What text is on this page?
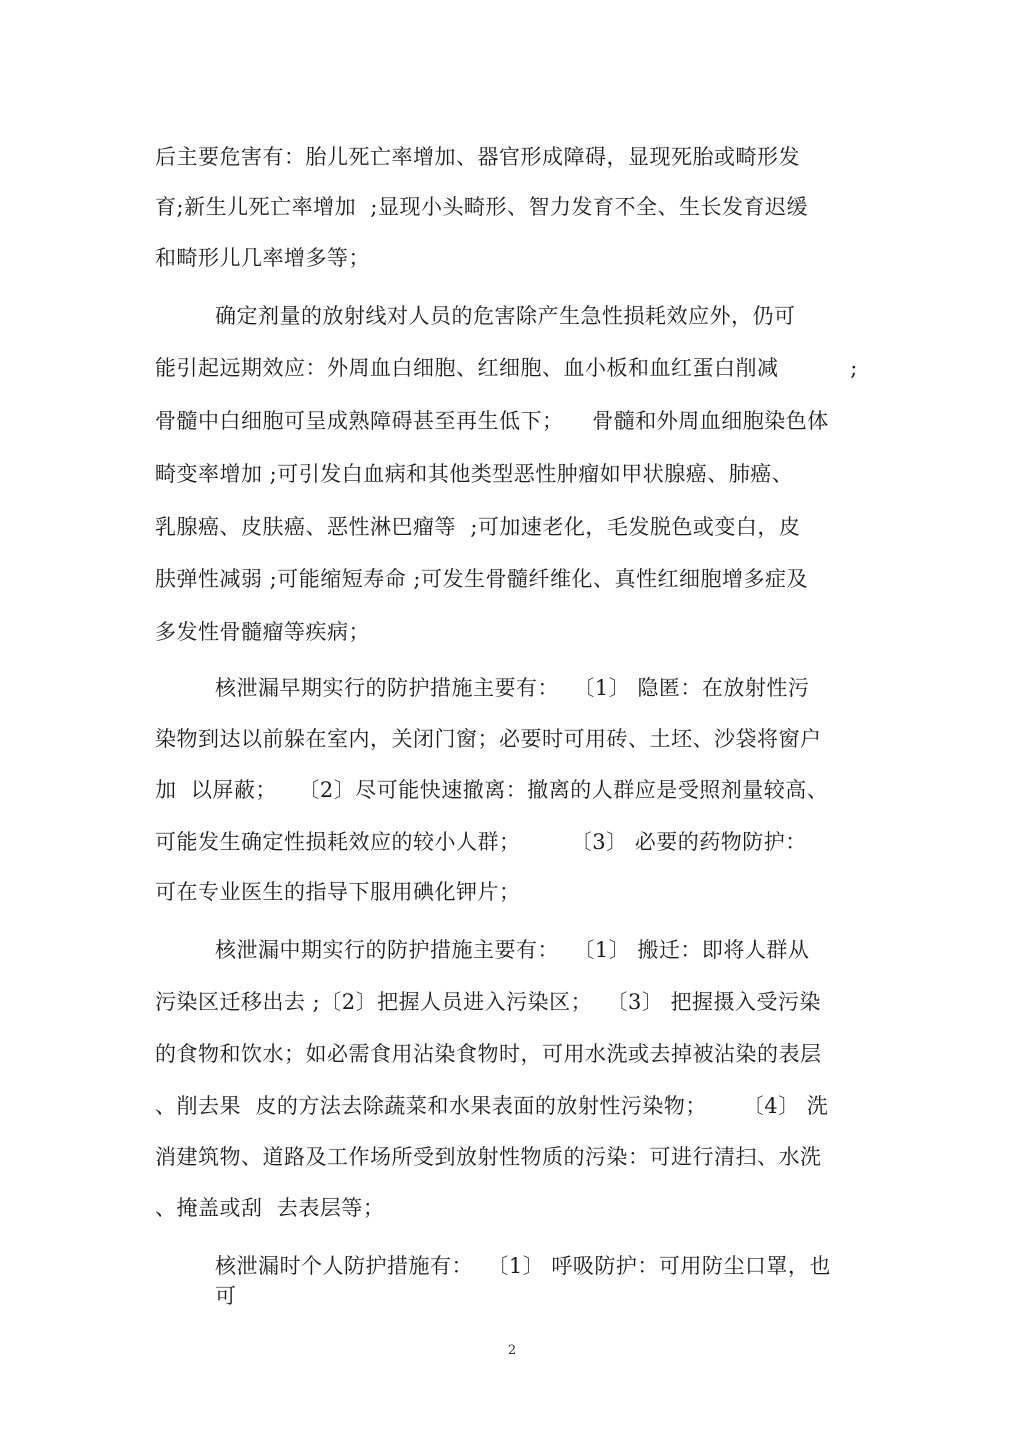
后主要危害有：胎儿死亡率增加、器官形成障碍，显现死胎或畸形发
育;新生儿死亡率增加  ;显现小头畸形、智力发育不全、生长发育迟缓
和畸形儿几率增多等；
确定剂量的放射线对人员的危害除产生急性损耗效应外，仍可
能引起远期效应：外周血白细胞、红细胞、血小板和血红蛋白削减          ;
骨髓中白细胞可呈成熟障碍甚至再生低下；    骨髓和外周血细胞染色体
畸变率增加 ;可引发白血病和其他类型恶性肿瘤如甲状腺癌、肺癌、
乳腺癌、皮肤癌、恶性淋巴瘤等  ;可加速老化，毛发脱色或变白，皮
肤弹性减弱 ;可能缩短寿命 ;可发生骨髓纤维化、真性红细胞增多症及
多发性骨髓瘤等疾病；
核泄漏早期实行的防护措施主要有：  〔1〕 隐匿：在放射性污
染物到达以前躲在室内，关闭门窗；必要时可用砖、土坯、沙袋将窗户
加  以屏蔽；   〔2〕尽可能快速撤离：撤离的人群应是受照剂量较高、
可能发生确定性损耗效应的较小人群；       〔3〕 必要的药物防护：
可在专业医生的指导下服用碘化钾片；
核泄漏中期实行的防护措施主要有：  〔1〕 搬迁：即将人群从
污染区迁移出去 ;〔2〕把握人员进入污染区；  〔3〕 把握摄入受污染
的食物和饮水；如必需食用沾染食物时，可用水洗或去掉被沾染的表层
、削去果  皮的方法去除蔬菜和水果表面的放射性污染物；     〔4〕 洗
消建筑物、道路及工作场所受到放射性物质的污染：可进行清扫、水洗
、掩盖或刮  去表层等；
核泄漏时个人防护措施有：  〔1〕 呼吸防护：可用防尘口罩，也
可
2
